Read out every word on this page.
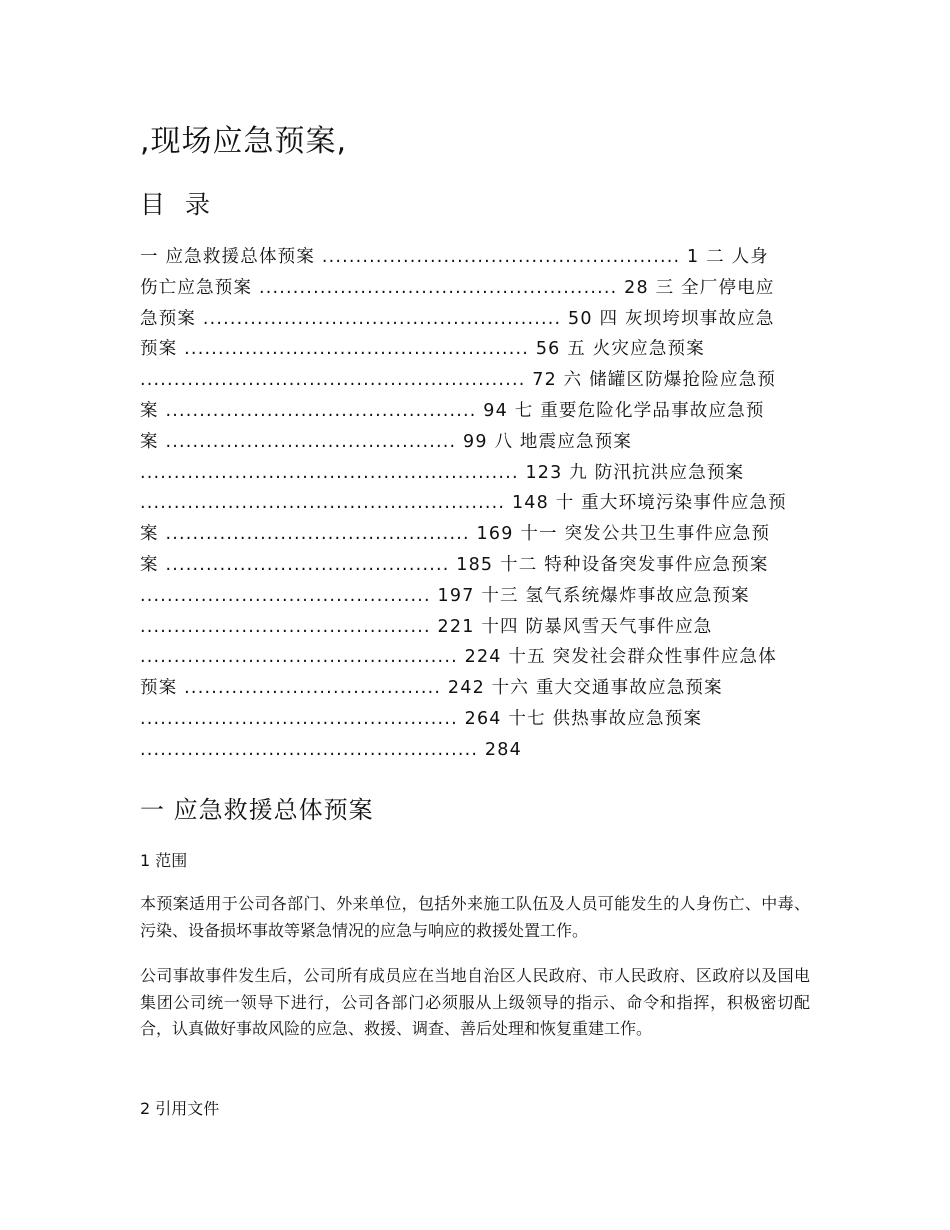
,现场应急预案,
目 录
一 应急救援总体预案 ..................................................... 1 二 人身
伤亡应急预案 ..................................................... 28 三 全厂停电应
急预案 ..................................................... 50 四 灰坝垮坝事故应急
预案 ................................................... 56 五 火灾应急预案
......................................................... 72 六 储罐区防爆抢险应急预
案 .............................................. 94 七 重要危险化学品事故应急预
案 ........................................... 99 八 地震应急预案
........................................................ 123 九 防汛抗洪应急预案
...................................................... 148 十 重大环境污染事件应急预
案 ............................................. 169 十一 突发公共卫生事件应急预
案 .......................................... 185 十二 特种设备突发事件应急预案
........................................... 197 十三 氢气系统爆炸事故应急预案
........................................... 221 十四 防暴风雪天气事件应急
............................................... 224 十五 突发社会群众性事件应急体
预案 ...................................... 242 十六 重大交通事故应急预案
............................................... 264 十七 供热事故应急预案
.................................................. 284
一 应急救援总体预案

1 范围

本预案适用于公司各部门、外来单位，包括外来施工队伍及人员可能发生的人身伤亡、中毒、污染、设备损坏事故等紧急情况的应急与响应的救援处置工作。

公司事故事件发生后，公司所有成员应在当地自治区人民政府、市人民政府、区政府以及国电集团公司统一领导下进行，公司各部门必须服从上级领导的指示、命令和指挥，积极密切配合，认真做好事故风险的应急、救援、调查、善后处理和恢复重建工作。

2 引用文件
